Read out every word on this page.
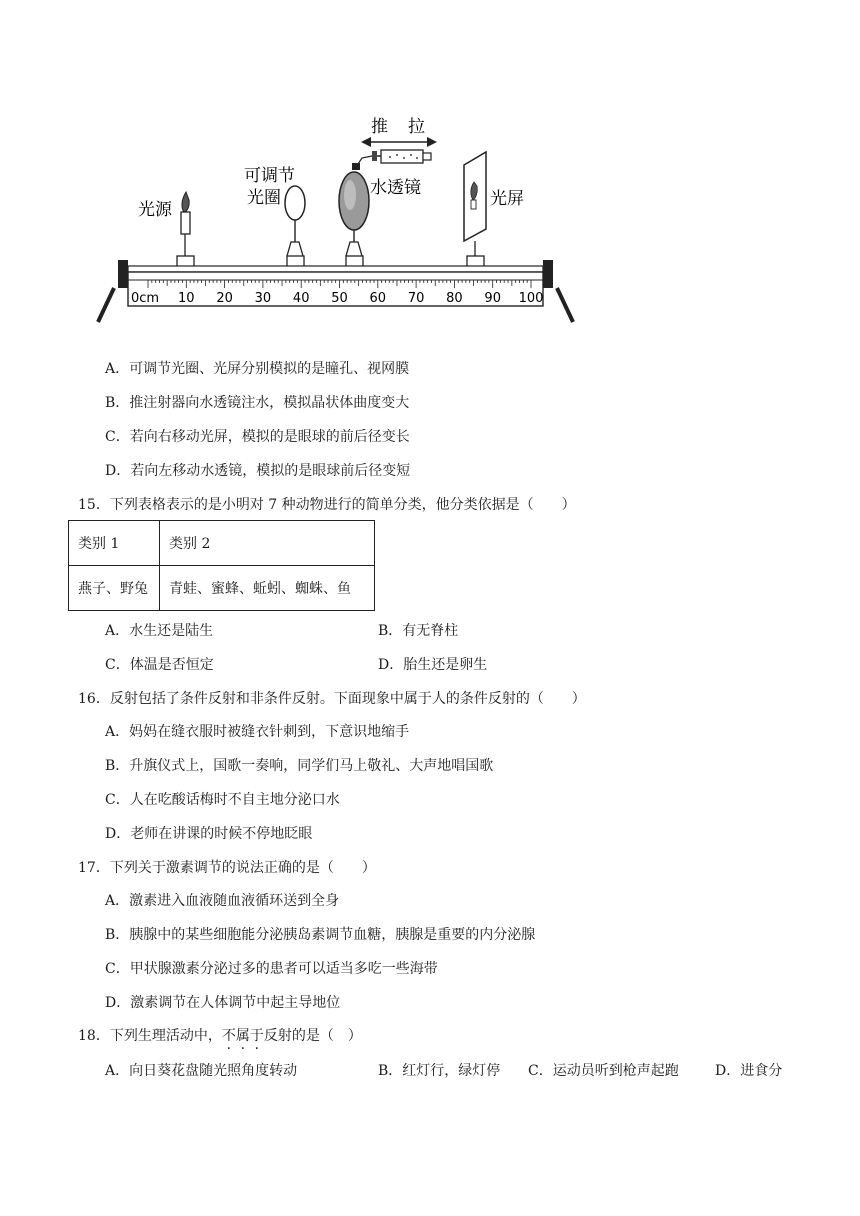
推 拉
可调节
光圈
光源
水透镜
光屏
0cm 10 20 30 40 50 60 70 80 90 100
A．可调节光圈、光屏分别模拟的是瞳孔、视网膜
B．推注射器向水透镜注水，模拟晶状体曲度变大
C．若向右移动光屏，模拟的是眼球的前后径变长
D．若向左移动水透镜，模拟的是眼球前后径变短
15．下列表格表示的是小明对 7 种动物进行的简单分类，他分类依据是（　　）
类别 1	类别 2
燕子、野兔	青蛙、蜜蜂、蚯蚓、蜘蛛、鱼
A．水生还是陆生	B．有无脊柱
C．体温是否恒定	D．胎生还是卵生
16．反射包括了条件反射和非条件反射。下面现象中属于人的条件反射的（　　）
A．妈妈在缝衣服时被缝衣针刺到，下意识地缩手
B．升旗仪式上，国歌一奏响，同学们马上敬礼、大声地唱国歌
C．人在吃酸话梅时不自主地分泌口水
D．老师在讲课的时候不停地眨眼
17．下列关于激素调节的说法正确的是（　　）
A．激素进入血液随血液循环送到全身
B．胰腺中的某些细胞能分泌胰岛素调节血糖，胰腺是重要的内分泌腺
C．甲状腺激素分泌过多的患者可以适当多吃一些海带
D．激素调节在人体调节中起主导地位
18．下列生理活动中，不属于反射的是（　）
A．向日葵花盘随光照角度转动	B．红灯行，绿灯停 C．运动员听到枪声起跑	D．进食分
